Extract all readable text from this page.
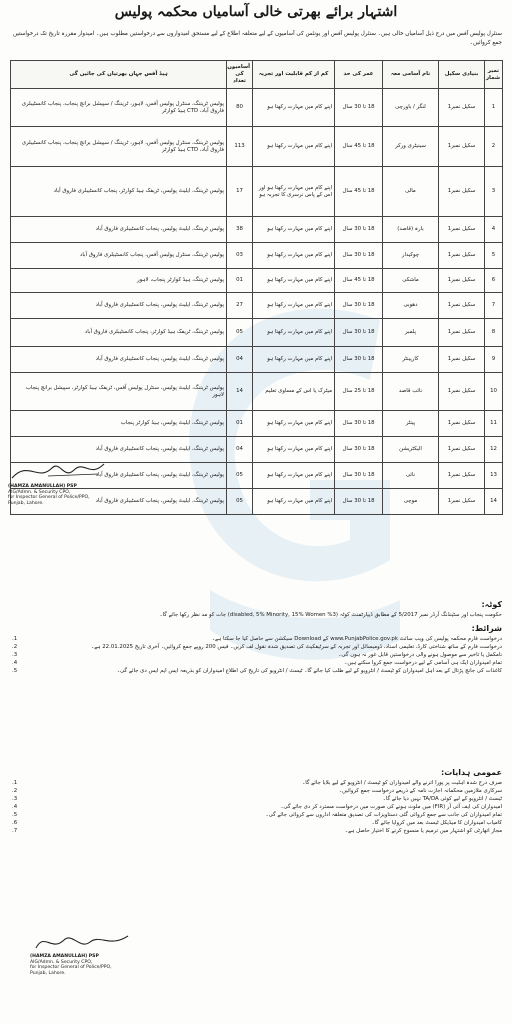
اشتہار برائے بھرتی خالی آسامیاں محکمہ پولیس
سنٹرل پولیس آفس میں درج ذیل آسامیاں خالی ہیں۔ سنٹرل پولیس آفس اور یونٹس کی آسامیوں کے لیے متعلقہ اطلاع کے لیے مستحق امیدواروں سے درخواستیں مطلوب ہیں۔ امیدوار مقررہ تاریخ تک درخواستیں جمع کروائیں۔
نمبر شمار	بنیادی سکیل	نام آسامی معہ	عمر کی حد	کم از کم قابلیت اور تجربہ	آسامیوں کی تعداد	ہیڈ آفس جہاں بھرتیاں کی جائیں گی
1	سکیل نمبر1	لنگر / باورچی	18 تا 30 سال	اپنے کام میں مہارت رکھتا ہو	80	پولیس ٹریننگ، سنٹرل پولیس آفس، لاہور، ٹریننگ / سپیشل برانچ پنجاب، پنجاب کانسٹیبلری فاروق آباد، CTD ہیڈ کوارٹر
2	سکیل نمبر1	سینیٹری ورکر	18 تا 45 سال	اپنے کام میں مہارت رکھتا ہو	113	پولیس ٹریننگ، سنٹرل پولیس آفس، لاہور، ٹریننگ / سپیشل برانچ پنجاب، پنجاب کانسٹیبلری فاروق آباد، CTD ہیڈ کوارٹر
3	سکیل نمبر1	مالی	18 تا 45 سال	اپنے کام میں مہارت رکھتا ہو اور اس کے پاس نرسری کا تجربہ ہو	17	پولیس ٹریننگ، ایلیٹ پولیس، ٹریفک ہیڈ کوارٹر، پنجاب کانسٹیبلری فاروق آباد
4	سکیل نمبر1	بارہ (قاصد)	18 تا 30 سال	اپنے کام میں مہارت رکھتا ہو	38	پولیس ٹریننگ، ایلیٹ پولیس، پنجاب کانسٹیبلری فاروق آباد
5	سکیل نمبر1	چوکیدار	18 تا 30 سال	اپنے کام میں مہارت رکھتا ہو	03	پولیس ٹریننگ، سنٹرل پولیس آفس، پنجاب کانسٹیبلری فاروق آباد
6	سکیل نمبر1	ماشکی	18 تا 45 سال	اپنے کام میں مہارت رکھتا ہو	01	پولیس ٹریننگ، ہیڈ کوارٹر پنجاب، لاہور
7	سکیل نمبر1	دھوبی	18 تا 30 سال	اپنے کام میں مہارت رکھتا ہو	27	پولیس ٹریننگ، ایلیٹ پولیس، پنجاب کانسٹیبلری فاروق آباد
8	سکیل نمبر1	پلمبر	18 تا 30 سال	اپنے کام میں مہارت رکھتا ہو	05	پولیس ٹریننگ، ٹریفک ہیڈ کوارٹر، پنجاب کانسٹیبلری فاروق آباد
9	سکیل نمبر1	کارپینٹر	18 تا 30 سال	اپنے کام میں مہارت رکھتا ہو	04	پولیس ٹریننگ، ایلیٹ پولیس، پنجاب کانسٹیبلری فاروق آباد
10	سکیل نمبر1	نائب قاصد	18 تا 25 سال	میٹرک یا اس کے مساوی تعلیم	14	پولیس ٹریننگ، ایلیٹ پولیس، سنٹرل پولیس آفس، ٹریفک ہیڈ کوارٹر، سپیشل برانچ پنجاب لاہور
11	سکیل نمبر1	پینٹر	18 تا 30 سال	اپنے کام میں مہارت رکھتا ہو	01	پولیس ٹریننگ، ایلیٹ پولیس، ہیڈ کوارٹر پنجاب
12	سکیل نمبر1	الیکٹریشن	18 تا 30 سال	اپنے کام میں مہارت رکھتا ہو	04	پولیس ٹریننگ، ایلیٹ پولیس، پنجاب کانسٹیبلری فاروق آباد
13	سکیل نمبر1	نائی	18 تا 30 سال	اپنے کام میں مہارت رکھتا ہو	05	پولیس ٹریننگ، ایلیٹ پولیس، پنجاب کانسٹیبلری فاروق آباد
14	سکیل نمبر1	موچی	18 تا 30 سال	اپنے کام میں مہارت رکھتا ہو	05	پولیس ٹریننگ، ایلیٹ پولیس، پنجاب کانسٹیبلری فاروق آباد
(HAMZA AMANULLAH) PSP
AIG/Admn. & Security CPO,
for Inspector General of Police/PPO,
Punjab, Lahore.
کوٹہ:
حکومت پنجاب اور سٹینڈنگ آرڈر نمبر 5/2017 کے مطابق ڈیپارٹمنٹ کوٹہ (3% disabled, 5% Minority, 15% Women) جات کو مد نظر رکھا جائے گا۔
شرائط:
درخواست فارم محکمہ پولیس کی ویب سائٹ www.PunjabPolice.gov.pk کے Download سیکشن سے حاصل کیا جا سکتا ہے۔
1.
درخواست فارم کے ساتھ شناختی کارڈ، تعلیمی اسناد، ڈومیسائل اور تجربہ کے سرٹیفکیٹ کی تصدیق شدہ نقول لف کریں۔ فیس 200 روپے جمع کروائیں۔ آخری تاریخ 22.01.2025 ہے۔
2.
نامکمل یا تاخیر سے موصول ہونے والی درخواستیں قابل غور نہ ہوں گی۔
3.
تمام امیدواران ایک ہی آسامی کے لیے درخواست جمع کروا سکتے ہیں۔
4.
کاغذات کی جانچ پڑتال کے بعد اہل امیدواران کو ٹیسٹ / انٹرویو کے لیے طلب کیا جائے گا۔ ٹیسٹ / انٹرویو کی تاریخ کی اطلاع امیدواران کو بذریعہ ایس ایم ایس دی جائے گی۔
5.
عمومی ہدایات:
صرف درج شدہ اہلیت پر پورا اترنے والے امیدواران کو ٹیسٹ / انٹرویو کے لیے بلایا جائے گا۔
1.
سرکاری ملازمین محکمانہ اجازت نامہ کے ذریعے درخواست جمع کروائیں۔
2.
ٹیسٹ / انٹرویو کے لیے کوئی TA/DA نہیں دیا جائے گا۔
3.
امیدواران کی ایف آئی آر (FIR) میں ملوث ہونے کی صورت میں درخواست مسترد کر دی جائے گی۔
4.
تمام امیدواران کی جانب سے جمع کروائی گئی دستاویزات کی تصدیق متعلقہ اداروں سے کروائی جائے گی۔
5.
کامیاب امیدواران کا میڈیکل ٹیسٹ بعد میں کروایا جائے گا۔
6.
مجاز اتھارٹی کو اشتہار میں ترمیم یا منسوخ کرنے کا اختیار حاصل ہے۔
7.
(HAMZA AMANULLAH) PSP
AIG/Admn. & Security CPO,
for Inspector General of Police/PPO,
Punjab, Lahore.
